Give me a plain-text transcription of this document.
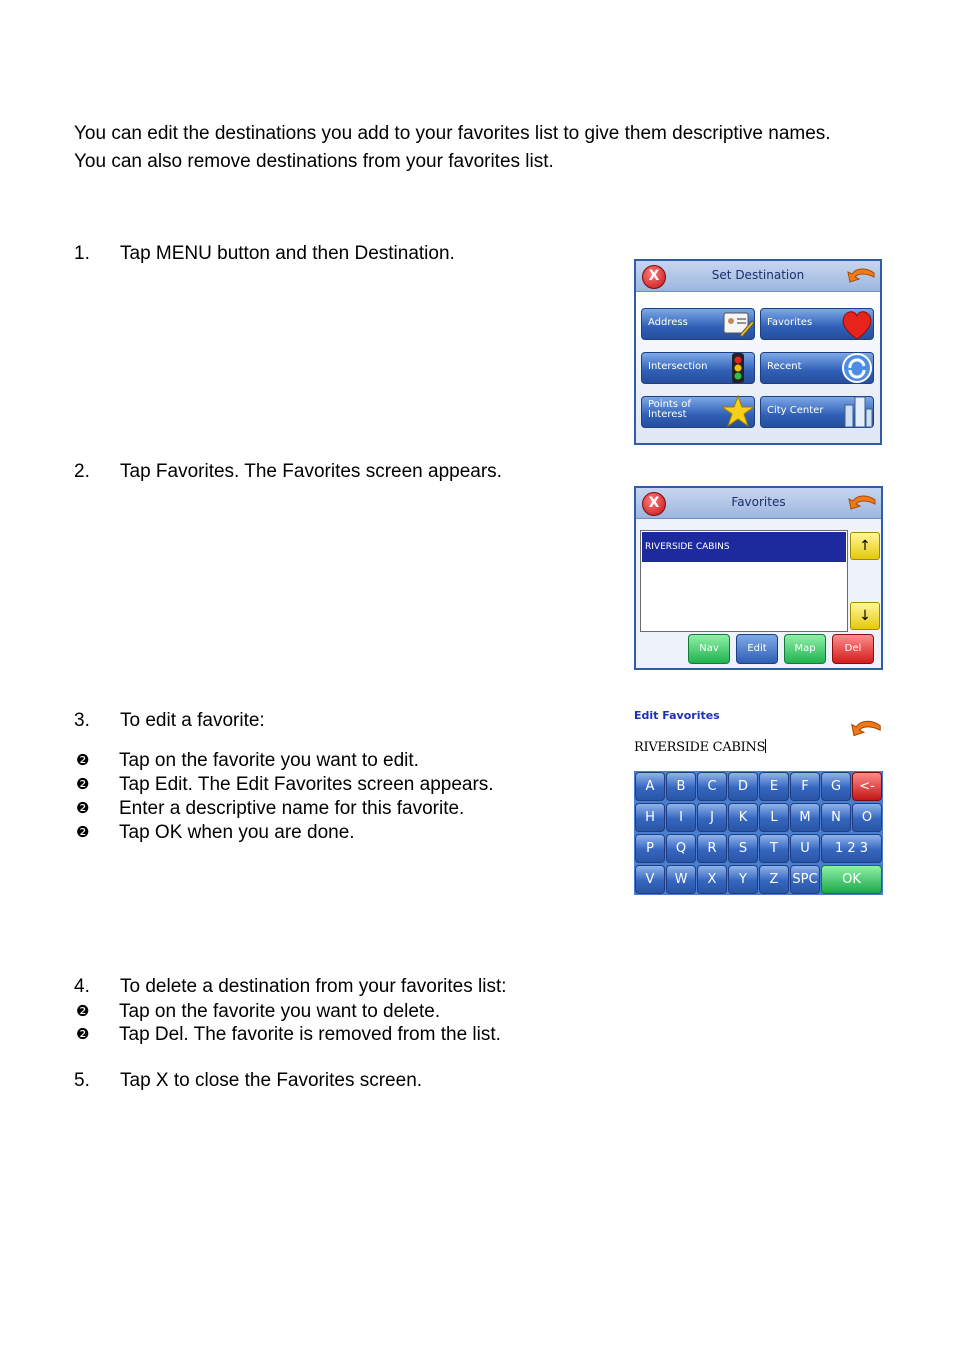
You can edit the destinations you add to your favorites list to give them descriptive names.
You can also remove destinations from your favorites list.
1. Tap MENU button and then Destination.
2. Tap Favorites. The Favorites screen appears.
3. To edit a favorite:
❷ Tap on the favorite you want to edit.
❷ Tap Edit. The Edit Favorites screen appears.
❷ Enter a descriptive name for this favorite.
❷ Tap OK when you are done.
4. To delete a destination from your favorites list:
❷ Tap on the favorite you want to delete.
❷ Tap Del. The favorite is removed from the list.
5. Tap X to close the Favorites screen.
X	Set Destination
Address	Favorites
Intersection	Recent
Points of
Interest	City Center
X	Favorites
RIVERSIDE CABINS	↑
↓
Nav	Edit	Map	Del
Edit Favorites
RIVERSIDE CABINS
A	B	C	D	E	F	G	<-
H	I	J	K	L	M	N	O
P	Q	R	S	T	U	1 2 3
V	W	X	Y	Z	SPC	OK
